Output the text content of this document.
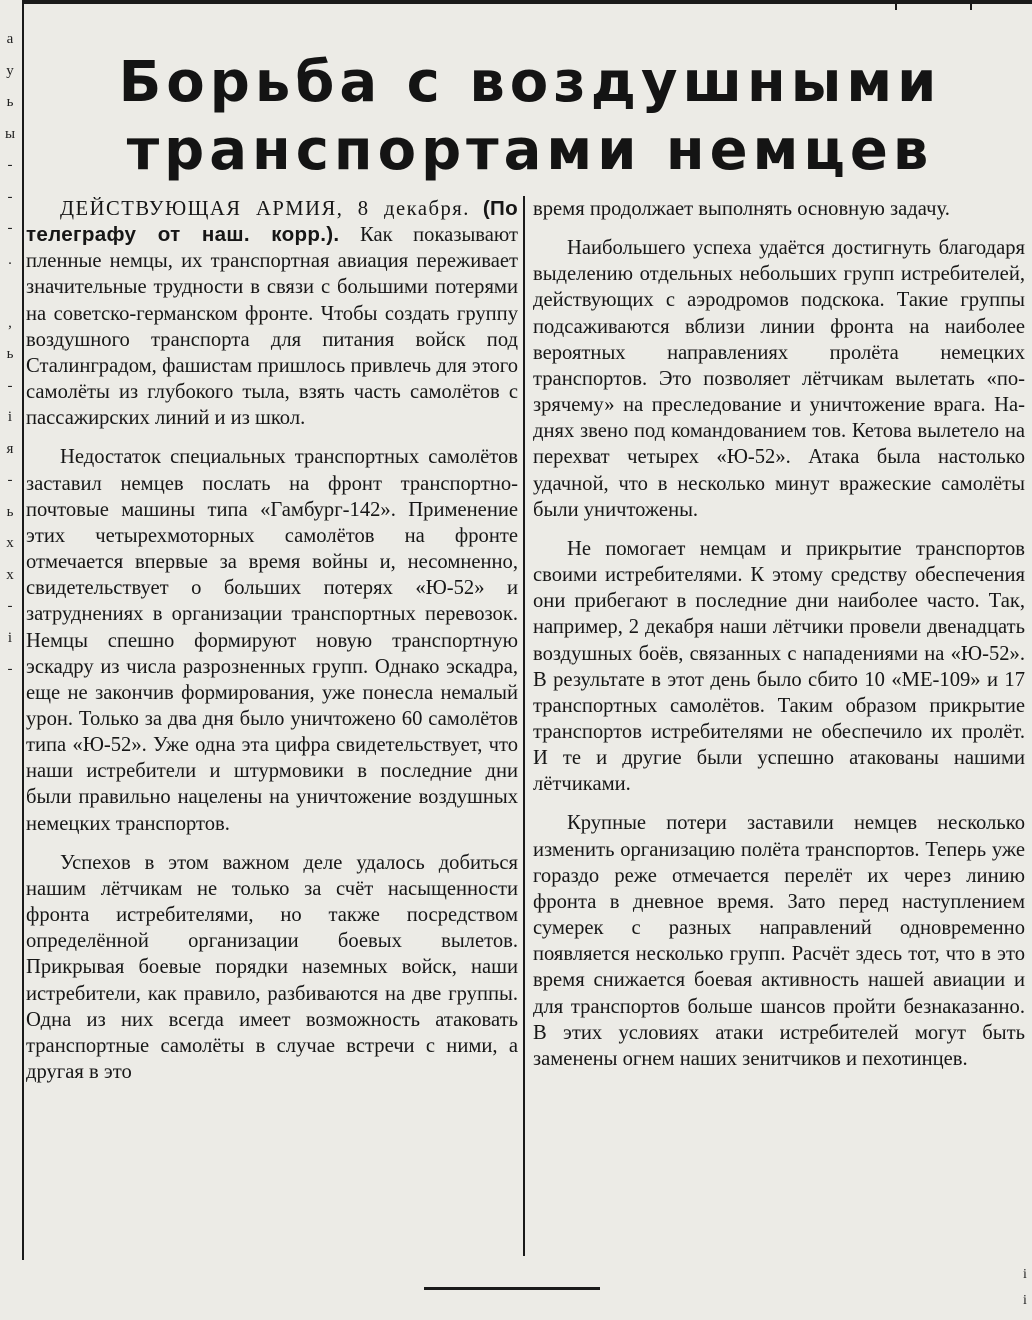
а
у
ь
ы
-
-
-
.

,
ь
-
і
я
-
ь
х
х
-
і
-
і
і
Борьба с воздушными
транспортами немцев

ДЕЙСТВУЮЩАЯ АРМИЯ, 8 декабря. (По телеграфу от наш. корр.). Как показывают пленные немцы, их транспортная авиация переживает значительные трудности в связи с большими потерями на советско-германском фронте. Чтобы создать группу воздушного транспорта для питания войск под Сталинградом, фашистам пришлось привлечь для этого самолёты из глубокого тыла, взять часть самолётов с пассажирских линий и из школ.

Недостаток специальных транспортных самолётов заставил немцев послать на фронт транспортно-почтовые машины типа «Гамбург-142». Применение этих четырехмоторных самолётов на фронте отмечается впервые за время войны и, несомненно, свидетельствует о больших потерях «Ю-52» и затруднениях в организации транспортных перевозок. Немцы спешно формируют новую транспортную эскадру из числа разрозненных групп. Однако эскадра, еще не закончив формирования, уже понесла немалый урон. Только за два дня было уничтожено 60 самолётов типа «Ю-52». Уже одна эта цифра свидетельствует, что наши истребители и штурмовики в последние дни были правильно нацелены на уничтожение воздушных немецких транспортов.

Успехов в этом важном деле удалось добиться нашим лётчикам не только за счёт насыщенности фронта истребителями, но также посредством определённой организации боевых вылетов. Прикрывая боевые порядки наземных войск, наши истребители, как правило, разбиваются на две группы. Одна из них всегда имеет возможность атаковать транспортные самолёты в случае встречи с ними, а другая в это

время продолжает выполнять основную задачу.

Наибольшего успеха удаётся достигнуть благодаря выделению отдельных небольших групп истребителей, действующих с аэродромов подскока. Такие группы подсаживаются вблизи линии фронта на наиболее вероятных направлениях пролёта немецких транспортов. Это позволяет лётчикам вылетать «по-зрячему» на преследование и уничтожение врага. На-днях звено под командованием тов. Кетова вылетело на перехват четырех «Ю-52». Атака была настолько удачной, что в несколько минут вражеские самолёты были уничтожены.

Не помогает немцам и прикрытие транспортов своими истребителями. К этому средству обеспечения они прибегают в последние дни наиболее часто. Так, например, 2 декабря наши лётчики провели двенадцать воздушных боёв, связанных с нападениями на «Ю-52». В результате в этот день было сбито 10 «МЕ-109» и 17 транспортных самолётов. Таким образом прикрытие транспортов истребителями не обеспечило их пролёт. И те и другие были успешно атакованы нашими лётчиками.

Крупные потери заставили немцев несколько изменить организацию полёта транспортов. Теперь уже гораздо реже отмечается перелёт их через линию фронта в дневное время. Зато перед наступлением сумерек с разных направлений одновременно появляется несколько групп. Расчёт здесь тот, что в это время снижается боевая активность нашей авиации и для транспортов больше шансов пройти безнаказанно. В этих условиях атаки истребителей могут быть заменены огнем наших зенитчиков и пехотинцев.
